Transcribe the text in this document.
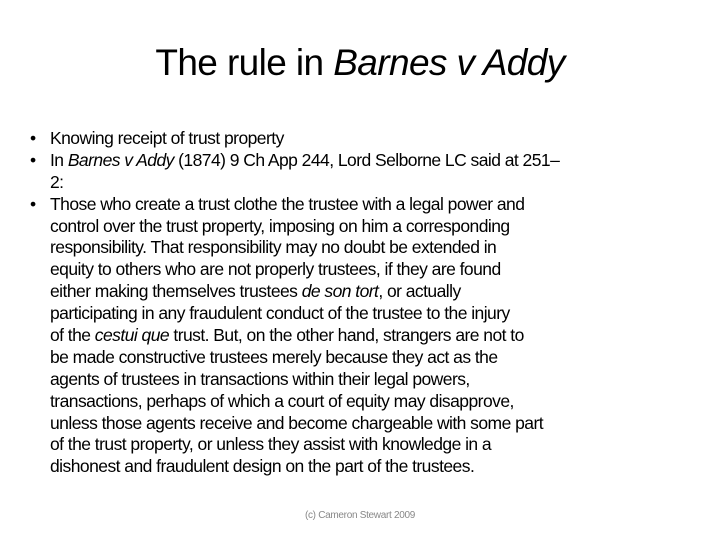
The rule in Barnes v Addy
• Knowing receipt of trust property
• In Barnes v Addy (1874) 9 Ch App 244, Lord Selborne LC said at 251–
2:
• Those who create a trust clothe the trustee with a legal power and
control over the trust property, imposing on him a corresponding
responsibility. That responsibility may no doubt be extended in
equity to others who are not properly trustees, if they are found
either making themselves trustees de son tort, or actually
participating in any fraudulent conduct of the trustee to the injury
of the cestui que trust. But, on the other hand, strangers are not to
be made constructive trustees merely because they act as the
agents of trustees in transactions within their legal powers,
transactions, perhaps of which a court of equity may disapprove,
unless those agents receive and become chargeable with some part
of the trust property, or unless they assist with knowledge in a
dishonest and fraudulent design on the part of the trustees.
(c) Cameron Stewart 2009
